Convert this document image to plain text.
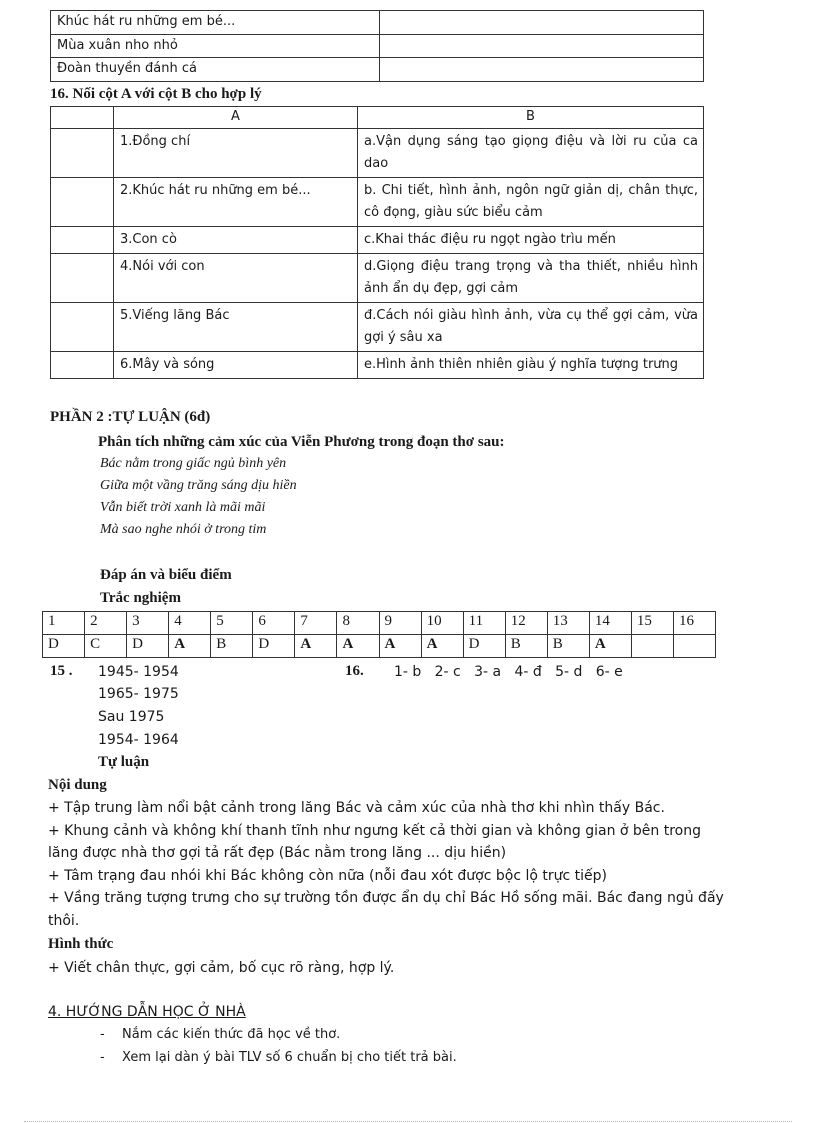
Khúc hát ru những em bé...	
Mùa xuân nho nhỏ	
Đoàn thuyền đánh cá	
16. Nối cột A với cột B cho hợp lý
	A	B
	1.Đồng chí	a.Vận dụng sáng tạo giọng điệu và lời ru của ca dao
	2.Khúc hát ru những em bé...	b. Chi tiết, hình ảnh, ngôn ngữ giản dị, chân thực, cô đọng, giàu sức biểu cảm
	3.Con cò	c.Khai thác điệu ru ngọt ngào trìu mến
	4.Nói với con	d.Giọng điệu trang trọng và tha thiết, nhiều hình ảnh ẩn dụ đẹp, gợi cảm
	5.Viếng lăng Bác	đ.Cách nói giàu hình ảnh, vừa cụ thể gợi cảm, vừa gợi ý sâu xa
	6.Mây và sóng	e.Hình ảnh thiên nhiên giàu ý nghĩa tượng trưng
PHẦN 2 :TỰ LUẬN (6đ)
Phân tích những cảm xúc của Viễn Phương trong đoạn thơ sau:
Bác nằm trong giấc ngủ bình yên
Giữa một vầng trăng sáng dịu hiền
Vẫn biết trời xanh là mãi mãi
Mà sao nghe nhói ở trong tim
Đáp án và biểu điểm
Trắc nghiệm
1	2	3	4	5	6	7	8	9	10	11	12	13	14	15	16
D	C	D	A	B	D	A	A	A	A	D	B	B	A		
15 . 1945- 1954
1965- 1975
Sau 1975
1954- 1964
16. 1- b   2- c   3- a   4- đ   5- d   6- e
Tự luận
Nội dung
+ Tập trung làm nổi bật cảnh trong lăng Bác và cảm xúc của nhà thơ khi nhìn thấy Bác.
+ Khung cảnh và không khí thanh tĩnh như ngưng kết cả thời gian và không gian ở bên trong
lăng được nhà thơ gợi tả rất đẹp (Bác nằm trong lăng ... dịu hiền)
+ Tâm trạng đau nhói khi Bác không còn nữa (nỗi đau xót được bộc lộ trực tiếp)
+ Vầng trăng tượng trưng cho sự trường tồn được ẩn dụ chỉ Bác Hồ sống mãi. Bác đang ngủ đấy
thôi.
Hình thức
+ Viết chân thực, gợi cảm, bố cục rõ ràng, hợp lý.
4. HƯỚNG DẪN HỌC Ở NHÀ
- Nắm các kiến thức đã học về thơ.
- Xem lại dàn ý bài TLV số 6 chuẩn bị cho tiết trả bài.
